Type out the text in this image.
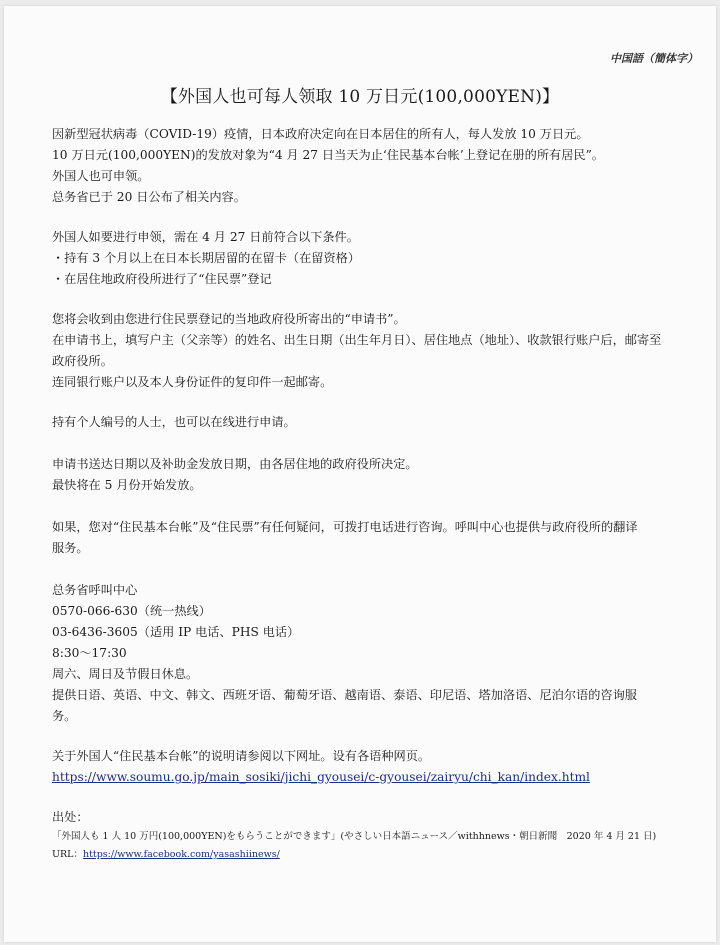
中国語（簡体字）
【外国人也可每人领取 10 万日元(100,000YEN)】
因新型冠状病毒（COVID-19）疫情，日本政府决定向在日本居住的所有人，每人发放 10 万日元。
10 万日元(100,000YEN)的发放对象为“4 月 27 日当天为止‘住民基本台帐’上登记在册的所有居民”。
外国人也可申领。
总务省已于 20 日公布了相关内容。
外国人如要进行申领，需在 4 月 27 日前符合以下条件。
・持有 3 个月以上在日本长期居留的在留卡（在留资格）
・在居住地政府役所进行了“住民票”登记
您将会收到由您进行住民票登记的当地政府役所寄出的“申请书”。
在申请书上，填写户主（父亲等）的姓名、出生日期（出生年月日）、居住地点（地址）、收款银行账户后，邮寄至
政府役所。
连同银行账户以及本人身份证件的复印件一起邮寄。
持有个人编号的人士，也可以在线进行申请。
申请书送达日期以及补助金发放日期，由各居住地的政府役所决定。
最快将在 5 月份开始发放。
如果，您对“住民基本台帐”及“住民票”有任何疑问，可拨打电话进行咨询。呼叫中心也提供与政府役所的翻译
服务。
总务省呼叫中心
0570-066-630（统一热线）
03-6436-3605（适用 IP 电话、PHS 电话）
8:30～17:30
周六、周日及节假日休息。
提供日语、英语、中文、韩文、西班牙语、葡萄牙语、越南语、泰语、印尼语、塔加洛语、尼泊尔语的咨询服
务。
关于外国人“住民基本台帐”的说明请参阅以下网址。设有各语种网页。
https://www.soumu.go.jp/main_sosiki/jichi_gyousei/c-gyousei/zairyu/chi_kan/index.html
出处：
「外国人も 1 人 10 万円(100,000YEN)をもらうことができます」(やさしい日本語ニュース／withhnews・朝日新聞　2020 年 4 月 21 日)
URL：https://www.facebook.com/yasashiinews/
